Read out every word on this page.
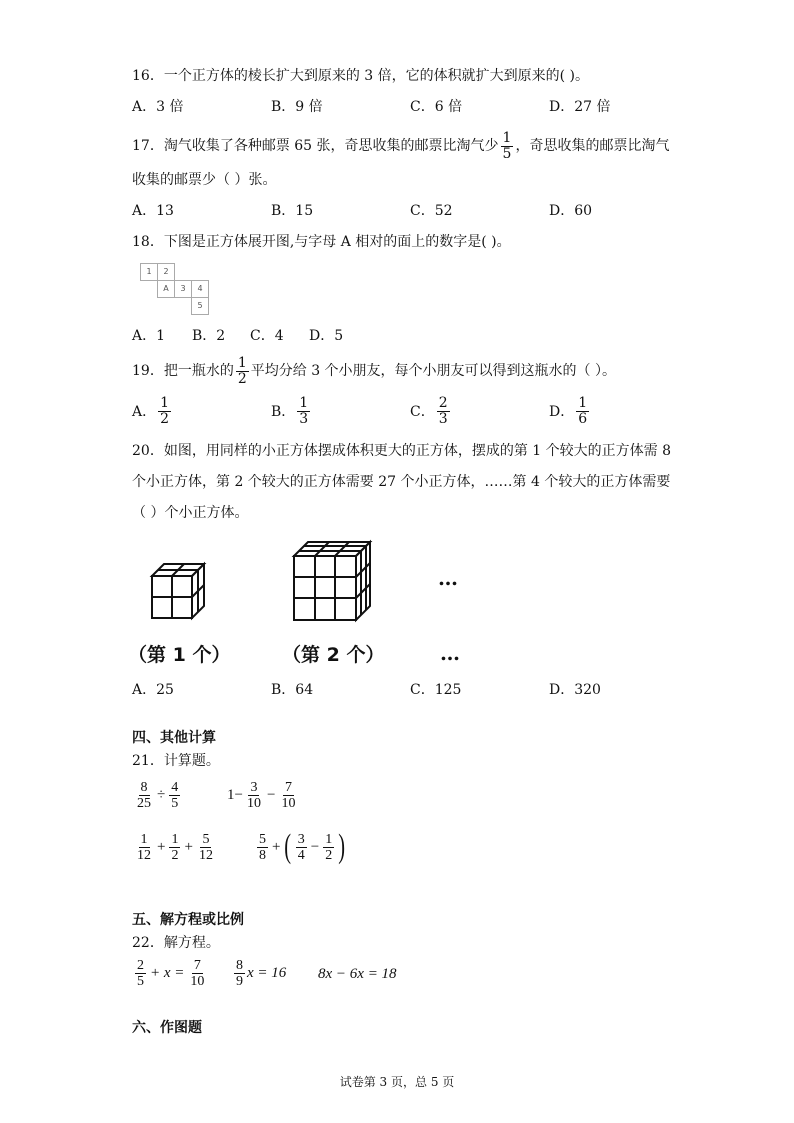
16．一个正方体的棱长扩大到原来的 3 倍，它的体积就扩大到原来的( )。
A．3 倍	B．9 倍	C．6 倍	D．27 倍
17．淘气收集了各种邮票 65 张，奇思收集的邮票比淘气少 $\frac{1}{5}$ ，奇思收集的邮票比淘气
收集的邮票少（ ）张。
A．13	B．15	C．52	D．60
18．下图是正方体展开图,与字母 A 相对的面上的数字是( )。
1	2
A	3	4
5
A．1 B．2 C．4 D．5
19．把一瓶水的 $\frac{1}{2}$ 平均分给 3 个小朋友，每个小朋友可以得到这瓶水的（ ）。
A． $\frac{1}{2}$	B． $\frac{1}{3}$	C． $\frac{2}{3}$	D． $\frac{1}{6}$
20．如图，用同样的小正方体摆成体积更大的正方体，摆成的第 1 个较大的正方体需 8
个小正方体，第 2 个较大的正方体需要 27 个小正方体，……第 4 个较大的正方体需要
（ ）个小正方体。
…
（第 1 个）	（第 2 个）	…
A．25	B．64	C．125	D．320
四、其他计算
21．计算题。
$\frac{8}{25} \div \frac{4}{5}$	$1- \frac{3}{10} - \frac{7}{10}$
$\frac{1}{12} + \frac{1}{2} + \frac{5}{12}$	$\frac{5}{8}$ + ( $\frac{3}{4} - \frac{1}{2}$ )
五、解方程或比例
22．解方程。
$\frac{2}{5} + x = \frac{7}{10} \frac{8}{9}$ x = 16 8x − 6x = 18
六、作图题
试卷第 3 页，总 5 页
